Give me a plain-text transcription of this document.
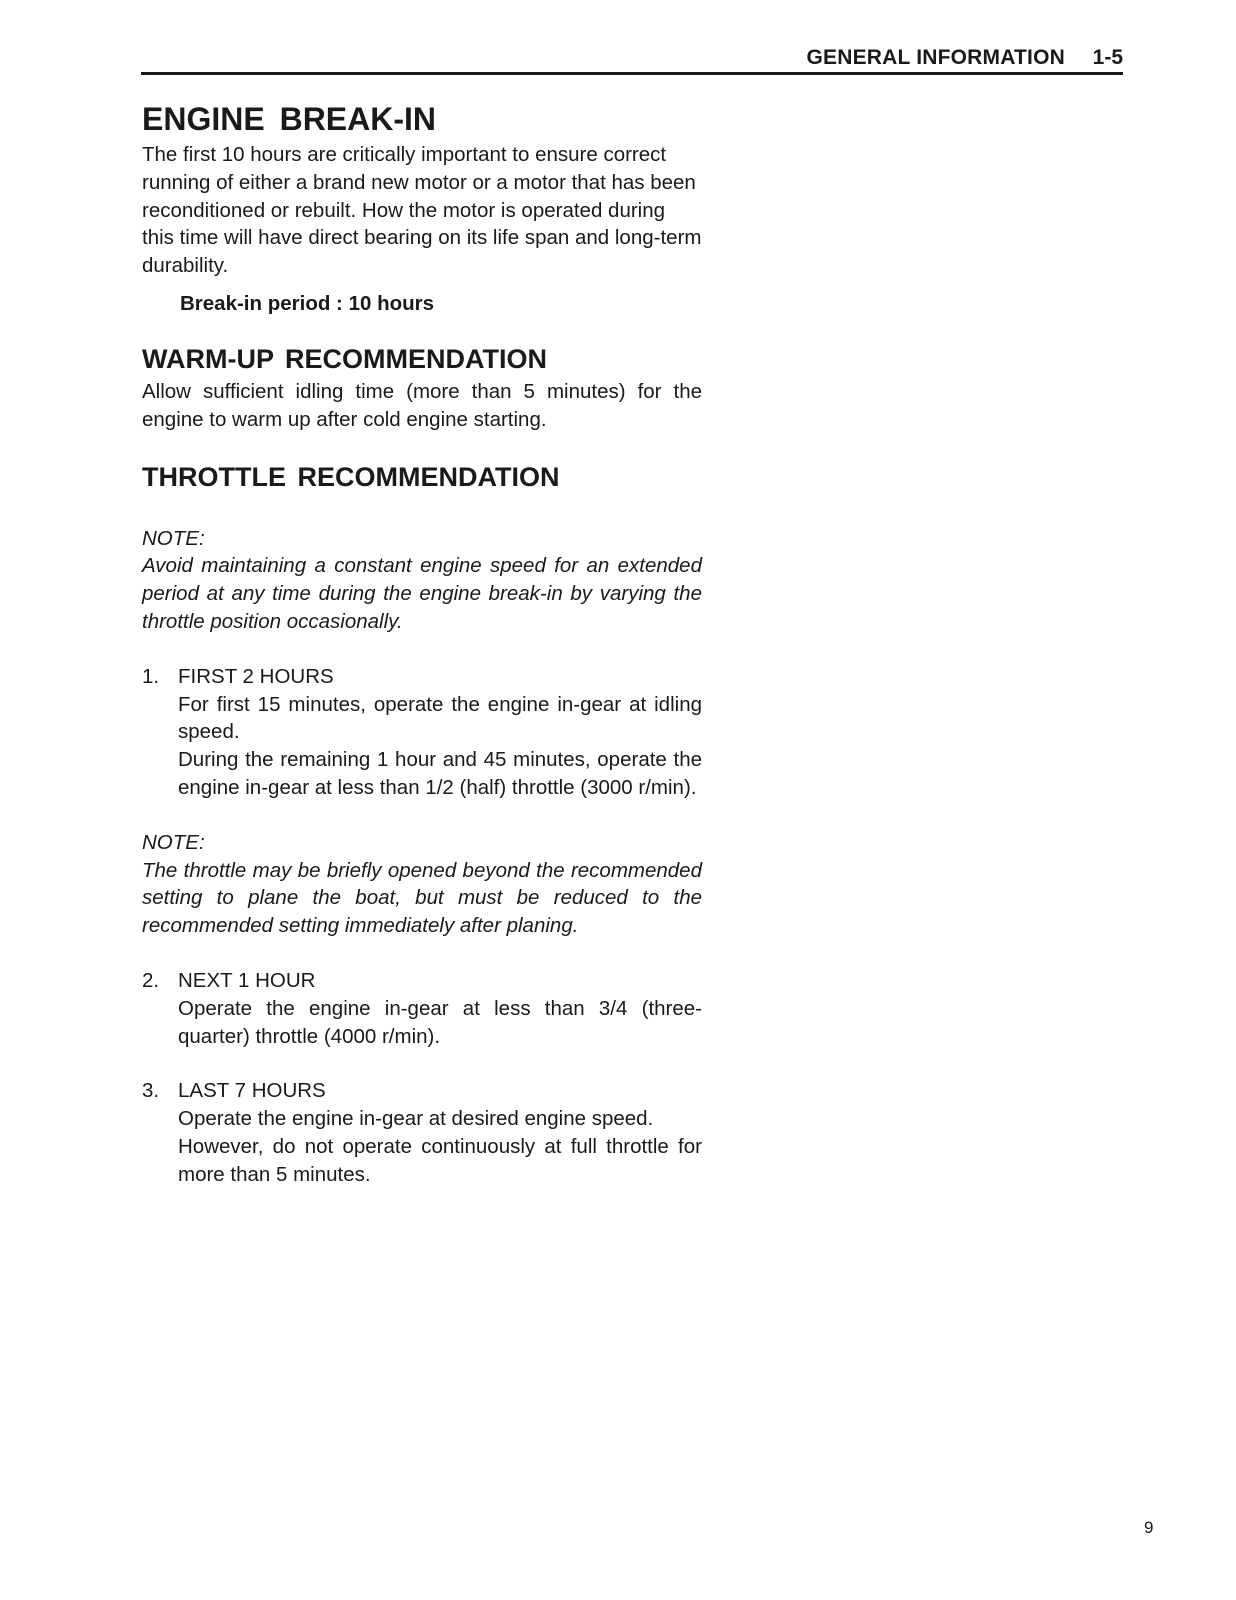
GENERAL INFORMATION 1-5
ENGINE BREAK-IN

The first 10 hours are critically important to ensure correct running of either a brand new motor or a motor that has been reconditioned or rebuilt. How the motor is operated during this time will have direct bearing on its life span and long-term durability.

Break-in period : 10 hours
WARM-UP RECOMMENDATION

Allow sufficient idling time (more than 5 minutes) for the engine to warm up after cold engine starting.

THROTTLE RECOMMENDATION

NOTE:

Avoid maintaining a constant engine speed for an extended period at any time during the engine break-in by varying the throttle position occasionally.

1. FIRST 2 HOURS

For first 15 minutes, operate the engine in-gear at idling speed.

During the remaining 1 hour and 45 minutes, operate the engine in-gear at less than 1/2 (half) throttle (3000 r/min).

NOTE:

The throttle may be briefly opened beyond the recommended setting to plane the boat, but must be reduced to the recommended setting immediately after planing.

2. NEXT 1 HOUR

Operate the engine in-gear at less than 3/4 (three-quarter) throttle (4000 r/min).

3. LAST 7 HOURS

Operate the engine in-gear at desired engine speed.

However, do not operate continuously at full throttle for more than 5 minutes.

9
